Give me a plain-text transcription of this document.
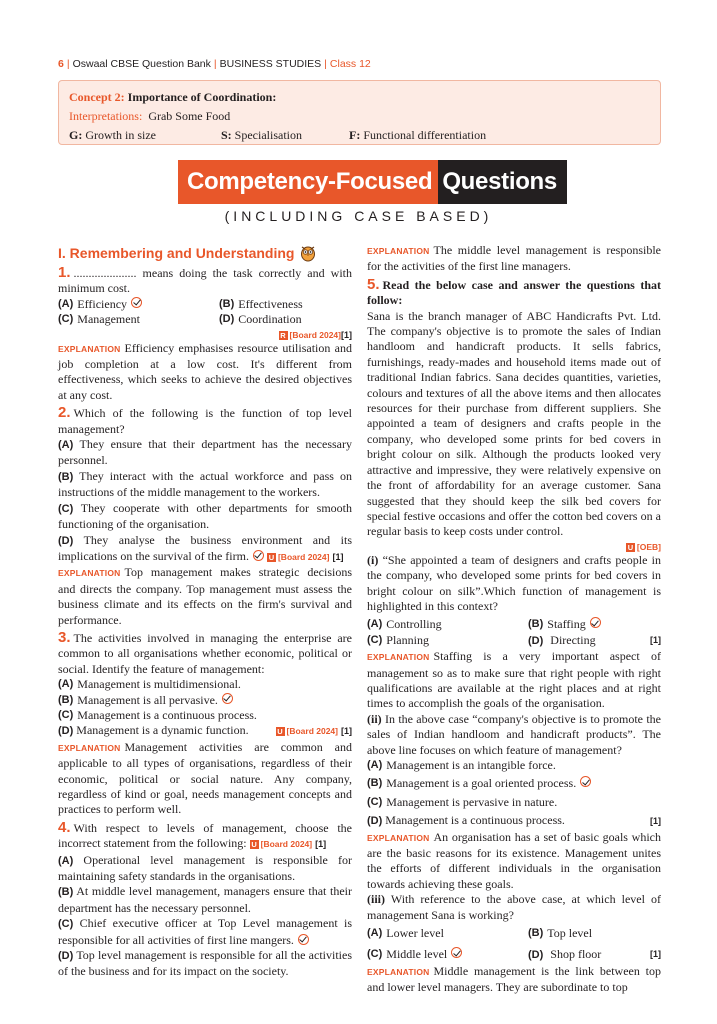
6 | Oswaal CBSE Question Bank | BUSINESS STUDIES | Class 12
Concept 2: Importance of Coordination:
Interpretations: Grab Some Food
G: Growth in size	S: Specialisation	F: Functional differentiation
Competency-Focused Questions
(INCLUDING CASE BASED)
I. Remembering and Understanding

1. ..................... means doing the task correctly and with minimum cost.

(A) Efficiency	(B) Effectiveness
(C) Management	(D) Coordination
R [Board 2024][1]

EXPLANATION Efficiency emphasises resource utilisation and job completion at a low cost. It's different from effectiveness, which seeks to achieve the desired objectives at any cost.

2. Which of the following is the function of top level management?

(A) They ensure that their department has the necessary personnel.

(B) They interact with the actual workforce and pass on instructions of the middle management to the workers.

(C) They cooperate with other departments for smooth functioning of the organisation.

(D) They analyse the business environment and its implications on the survival of the firm.	U [Board 2024] [1]

EXPLANATION Top management makes strategic decisions and directs the company. Top management must assess the business climate and its effects on the firm's survival and performance.

3. The activities involved in managing the enterprise are common to all organisations whether economic, political or social. Identify the feature of management:

(A) Management is multidimensional.
(B) Management is all pervasive.
(C) Management is a continuous process.
(D) Management is a dynamic function.	U [Board 2024] [1]

EXPLANATION Management activities are common and applicable to all types of organisations, regardless of their economic, political or social nature. Any company, regardless of kind or goal, needs management concepts and practices to perform well.

4. With respect to levels of management, choose the incorrect statement from the following: U [Board 2024] [1]

(A) Operational level management is responsible for maintaining safety standards in the organisations.

(B) At middle level management, managers ensure that their department has the necessary personnel.

(C) Chief executive officer at Top Level management is responsible for all activities of first line mangers.

(D) Top level management is responsible for all the activities of the business and for its impact on the society.

EXPLANATION The middle level management is responsible for the activities of the first line managers.

5. Read the below case and answer the questions that follow:

Sana is the branch manager of ABC Handicrafts Pvt. Ltd. The company's objective is to promote the sales of Indian handloom and handicraft products. It sells fabrics, furnishings, ready-mades and household items made out of traditional Indian fabrics. Sana decides quantities, varieties, colours and textures of all the above items and then allocates resources for their purchase from different suppliers. She appointed a team of designers and crafts people in the company, who developed some prints for bed covers in bright colour on silk. Although the products looked very attractive and impressive, they were relatively expensive on the front of affordability for an average customer. Sana suggested that they should keep the silk bed covers for special festive occasions and offer the cotton bed covers on a regular basis to keep costs under control.

U [OEB]

(i) “She appointed a team of designers and crafts people in the company, who developed some prints for bed covers in bright colour on silk”.Which function of management is highlighted in this context?

(A) Controlling	(B) Staffing
(C) Planning	(D) Directing	[1]

EXPLANATION Staffing is a very important aspect of management so as to make sure that right people with right qualifications are available at the right places and at right times to accomplish the goals of the organisation.

(ii) In the above case “company's objective is to promote the sales of Indian handloom and handicraft products”. The above line focuses on which feature of management?

(A) Management is an intangible force.
(B) Management is a goal oriented process.
(C) Management is pervasive in nature.
(D) Management is a continuous process.	[1]

EXPLANATION An organisation has a set of basic goals which are the basic reasons for its existence. Management unites the efforts of different individuals in the organisation towards achieving these goals.

(iii) With reference to the above case, at which level of management Sana is working?

(A) Lower level	(B) Top level
(C) Middle level	(D) Shop floor	[1]

EXPLANATION Middle management is the link between top and lower level managers. They are subordinate to top
